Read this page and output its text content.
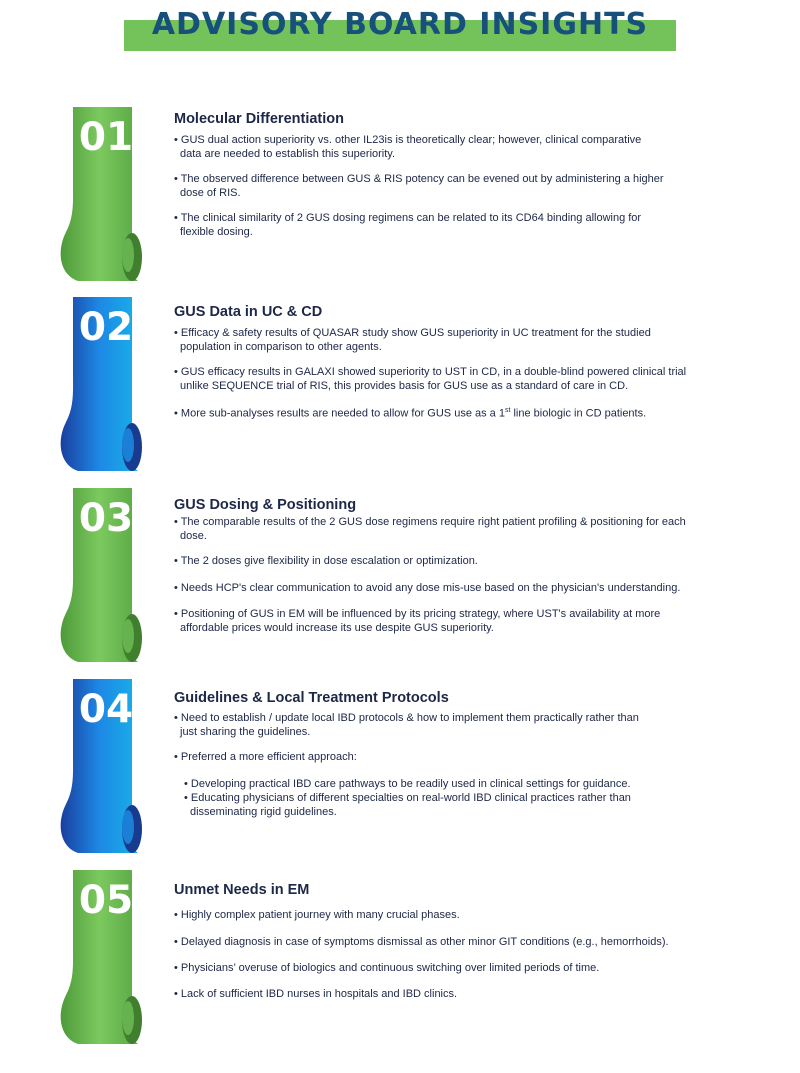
ADVISORY BOARD INSIGHTS
01	Molecular Differentiation
• GUS dual action superiority vs. other IL23is is theoretically clear; however, clinical comparative
data are needed to establish this superiority.
• The observed difference between GUS & RIS potency can be evened out by administering a higher
dose of RIS.
• The clinical similarity of 2 GUS dosing regimens can be related to its CD64 binding allowing for
flexible dosing.
02	GUS Data in UC & CD
• Efficacy & safety results of QUASAR study show GUS superiority in UC treatment for the studied
population in comparison to other agents.
• GUS efficacy results in GALAXI showed superiority to UST in CD, in a double-blind powered clinical trial
unlike SEQUENCE trial of RIS, this provides basis for GUS use as a standard of care in CD.
• More sub-analyses results are needed to allow for GUS use as a 1st line biologic in CD patients.
03	GUS Dosing & Positioning
• The comparable results of the 2 GUS dose regimens require right patient profiling & positioning for each
dose.
• The 2 doses give flexibility in dose escalation or optimization.
• Needs HCP's clear communication to avoid any dose mis-use based on the physician's understanding.
• Positioning of GUS in EM will be influenced by its pricing strategy, where UST's availability at more
affordable prices would increase its use despite GUS superiority.
04	Guidelines & Local Treatment Protocols
• Need to establish / update local IBD protocols & how to implement them practically rather than
just sharing the guidelines.
• Preferred a more efficient approach:
• Developing practical IBD care pathways to be readily used in clinical settings for guidance.
• Educating physicians of different specialties on real-world IBD clinical practices rather than
disseminating rigid guidelines.
05	Unmet Needs in EM
• Highly complex patient journey with many crucial phases.
• Delayed diagnosis in case of symptoms dismissal as other minor GIT conditions (e.g., hemorrhoids).
• Physicians’ overuse of biologics and continuous switching over limited periods of time.
• Lack of sufficient IBD nurses in hospitals and IBD clinics.
